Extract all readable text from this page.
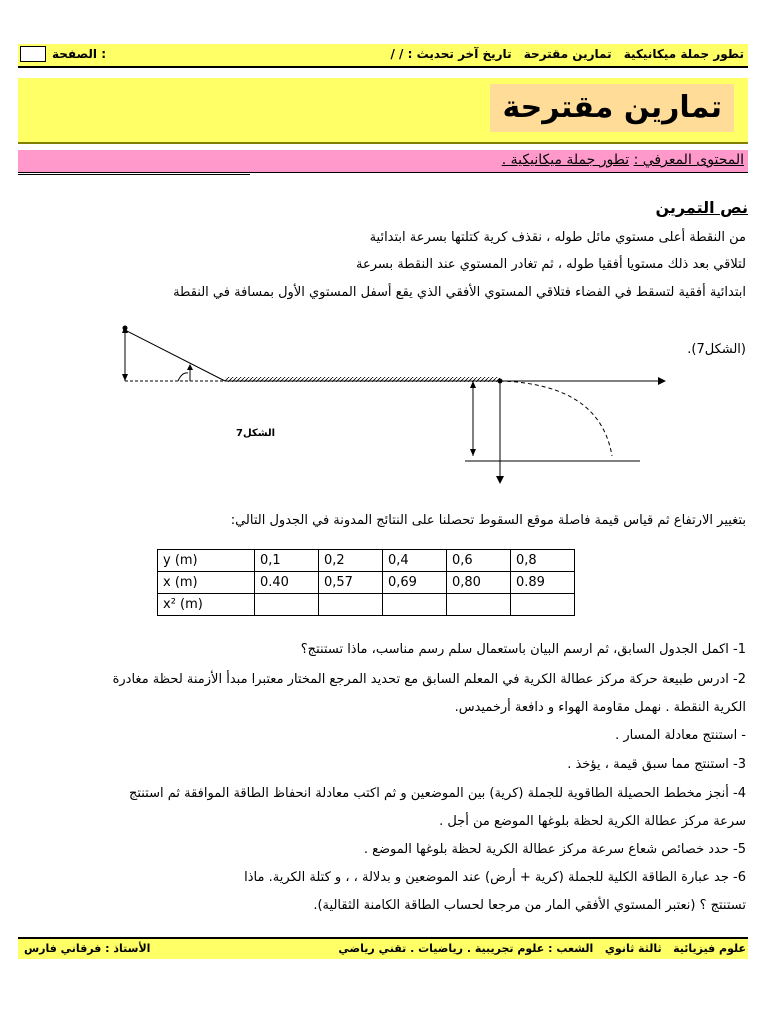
الصفحة :	تطور جملة ميكانيكية تمارين مقترحة تاريخ آخر تحديث : / /
تمارين مقترحة
المحتوى المعرفي : تطور جملة ميكانيكية .
نص التمرين
من النقطة أعلى مستوي مائل طوله ، نقذف كرية كتلتها بسرعة ابتدائية
لتلاقي بعد ذلك مستويا أفقيا طوله ، ثم تغادر المستوي عند النقطة بسرعة
ابتدائية أفقية لتسقط في الفضاء فتلاقي المستوي الأفقي الذي يقع أسفل المستوي الأول بمسافة في النقطة
(الشكل7).
الشكل7
بتغيير الارتفاع ثم قياس قيمة فاصلة موقع السقوط تحصلنا على النتائج المدونة في الجدول التالي:
y (m)	0,1	0,2	0,4	0,6	0,8
x (m)	0.40	0,57	0,69	0,80	0.89
x² (m)					
1- اكمل الجدول السابق، ثم ارسم البيان باستعمال سلم رسم مناسب، ماذا تستنتج؟
2- ادرس طبيعة حركة مركز عطالة الكرية في المعلم السابق مع تحديد المرجع المختار معتبرا مبدأ الأزمنة لحظة مغادرة
الكرية النقطة . نهمل مقاومة الهواء و دافعة أرخميدس.
- استنتج معادلة المسار .
3- استنتج مما سبق قيمة ، يؤخذ .
4- أنجز مخطط الحصيلة الطاقوية للجملة (كرية) بين الموضعين و ثم اكتب معادلة انحفاظ الطاقة الموافقة ثم استنتج
سرعة مركز عطالة الكرية لحظة بلوغها الموضع من أجل .
5- حدد خصائص شعاع سرعة مركز عطالة الكرية لحظة بلوغها الموضع .
6- جد عبارة الطاقة الكلية للجملة (كرية + أرض) عند الموضعين و بدلالة ، ، و كتلة الكرية. ماذا
تستنتج ؟ (نعتبر المستوي الأفقي المار من مرجعا لحساب الطاقة الكامنة الثقالية).
علوم فيزيائية   ثالثة ثانوي   الشعب : علوم تجريبية . رياضيات . تقني رياضي
الأستاذ : فرقاني فارس
